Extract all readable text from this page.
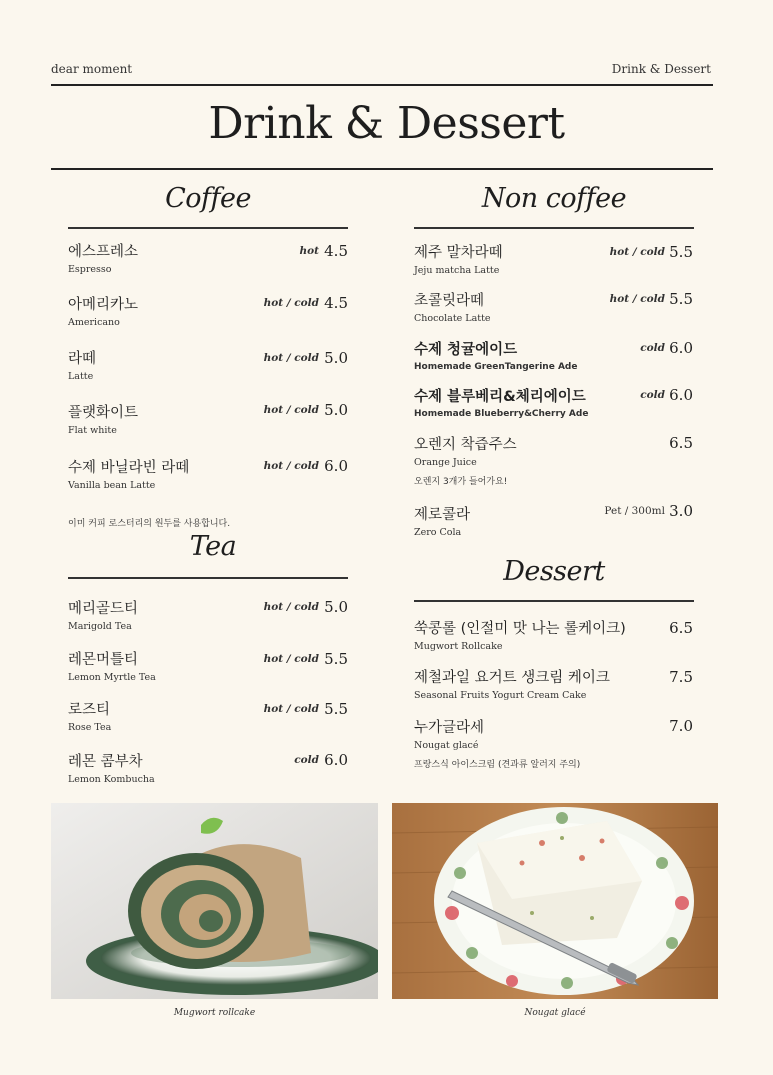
dear moment	Drink & Dessert
Drink & Dessert
Coffee
에스프레소
Espresso
hot 4.5
아메리카노
Americano
hot / cold 4.5
라떼
Latte
hot / cold 5.0
플랫화이트
Flat white
hot / cold 5.0
수제 바닐라빈 라떼
Vanilla bean Latte
hot / cold 6.0
이미 커피 로스터리의 원두를 사용합니다.
Tea
메리골드티
Marigold Tea
hot / cold 5.0
레몬머틀티
Lemon Myrtle Tea
hot / cold 5.5
로즈티
Rose Tea
hot / cold 5.5
레몬 콤부차
Lemon Kombucha
cold 6.0
Non coffee
제주 말차라떼
Jeju matcha Latte
hot / cold 5.5
초콜릿라떼
Chocolate Latte
hot / cold 5.5
수제 청귤에이드
Homemade GreenTangerine Ade
cold 6.0
수제 블루베리&체리에이드
Homemade Blueberry&Cherry Ade
cold 6.0
오렌지 착즙주스
Orange Juice
오렌지 3개가 들어가요!
6.5
제로콜라
Zero Cola
Pet / 300ml 3.0
Dessert
쑥콩롤 (인절미 맛 나는 롤케이크)
Mugwort Rollcake
6.5
제철과일 요거트 생크림 케이크
Seasonal Fruits Yogurt Cream Cake
7.5
누가글라세
Nougat glacé
프랑스식 아이스크림 (견과류 알러지 주의)
7.0
Mugwort rollcake	Nougat glacé
